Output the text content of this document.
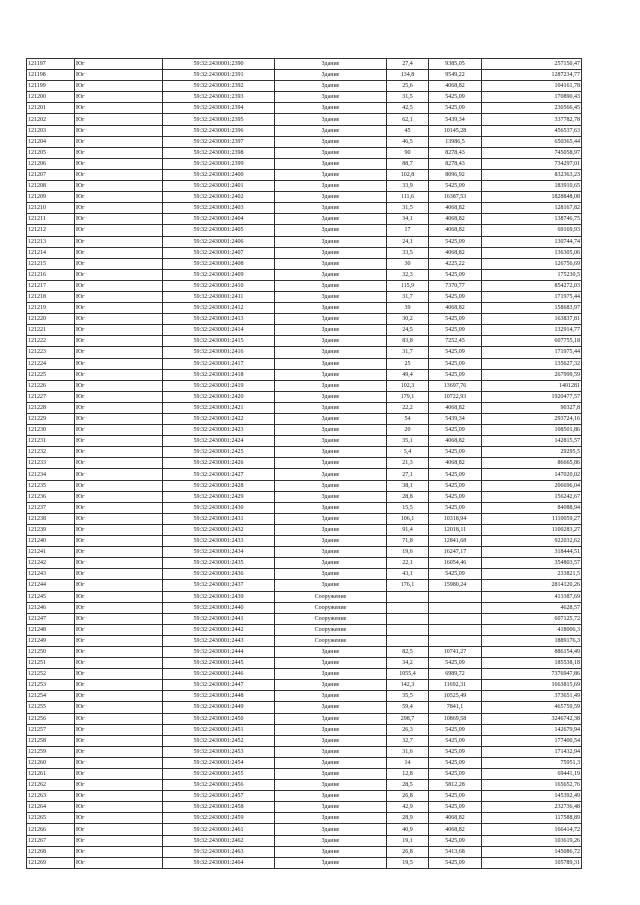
121197	Юг	59:32:2430001:2390	Здание	27,4	9385,05	257150,47
121198	Юг	59:32:2430001:2391	Здание	134,8	9549,22	1287234,77
121199	Юг	59:32:2430001:2392	Здание	25,6	4068,82	104161,78
121200	Юг	59:32:2430001:2393	Здание	31,5	5425,09	170890,43
121201	Юг	59:32:2430001:2394	Здание	42,5	5425,09	230566,45
121202	Юг	59:32:2430001:2395	Здание	62,1	5439,34	337782,78
121203	Юг	59:32:2430001:2396	Здание	45	10145,28	456537,63
121204	Юг	59:32:2430001:2397	Здание	46,5	13986,5	650365,44
121205	Юг	59:32:2430001:2398	Здание	90	8278,43	745058,97
121206	Юг	59:32:2430001:2399	Здание	88,7	8278,43	734297,01
121207	Юг	59:32:2430001:2400	Здание	102,8	8096,92	832363,23
121208	Юг	59:32:2430001:2401	Здание	33,9	5425,09	183910,65
121209	Юг	59:32:2430001:2402	Здание	111,6	16387,53	1828848,08
121210	Юг	59:32:2430001:2403	Здание	31,5	4068,82	128167,82
121211	Юг	59:32:2430001:2404	Здание	34,1	4068,82	138746,75
121212	Юг	59:32:2430001:2405	Здание	17	4068,82	69169,93
121213	Юг	59:32:2430001:2406	Здание	24,1	5425,09	130744,74
121214	Юг	59:32:2430001:2407	Здание	33,5	4068,82	136305,06
121215	Юг	59:32:2430001:2408	Здание	30	4225,22	126756,69
121216	Юг	59:32:2430001:2409	Здание	32,3	5425,09	175230,5
121217	Юг	59:32:2430001:2410	Здание	115,9	7370,77	854272,03
121218	Юг	59:32:2430001:2411	Здание	31,7	5425,09	171975,44
121219	Юг	59:32:2430001:2412	Здание	39	4068,82	158683,97
121220	Юг	59:32:2430001:2413	Здание	30,2	5425,09	163837,81
121221	Юг	59:32:2430001:2414	Здание	24,5	5425,09	132914,77
121222	Юг	59:32:2430001:2415	Здание	83,8	7252,45	607755,18
121223	Юг	59:32:2430001:2416	Здание	31,7	5425,09	171975,44
121224	Юг	59:32:2430001:2417	Здание	25	5425,09	135627,32
121225	Юг	59:32:2430001:2418	Здание	49,4	5425,09	267999,59
121226	Юг	59:32:2430001:2419	Здание	102,3	13697,76	1401281
121227	Юг	59:32:2430001:2420	Здание	179,1	10722,93	1920477,57
121228	Юг	59:32:2430001:2421	Здание	22,2	4068,82	90327,8
121229	Юг	59:32:2430001:2422	Здание	54	5439,34	293724,16
121230	Юг	59:32:2430001:2423	Здание	20	5425,09	108501,86
121231	Юг	59:32:2430001:2424	Здание	35,1	4068,82	142815,57
121232	Юг	59:32:2430001:2425	Здание	5,4	5425,09	29295,5
121233	Юг	59:32:2430001:2426	Здание	21,3	4068,82	86665,86
121234	Юг	59:32:2430001:2427	Здание	27,1	5425,09	147020,02
121235	Юг	59:32:2430001:2428	Здание	38,1	5425,09	206696,04
121236	Юг	59:32:2430001:2429	Здание	28,8	5425,09	156242,67
121237	Юг	59:32:2430001:2430	Здание	15,5	5425,09	84088,94
121238	Юг	59:32:2430001:2431	Здание	106,1	10318,94	1110059,27
121239	Юг	59:32:2430001:2432	Здание	91,4	12018,11	1100283,27
121240	Юг	59:32:2430001:2433	Здание	71,8	12841,68	922032,62
121241	Юг	59:32:2430001:2434	Здание	19,6	16247,17	318444,51
121242	Юг	59:32:2430001:2435	Здание	22,1	16054,46	354803,57
121243	Юг	59:32:2430001:2436	Здание	43,1	5425,09	233821,5
121244	Юг	59:32:2430001:2437	Здание	176,1	15980,24	2814120,26
121245	Юг	59:32:2430001:2439	Сооружение			413387,69
121246	Юг	59:32:2430001:2440	Сооружение			4628,57
121247	Юг	59:32:2430001:2441	Сооружение			607125,72
121248	Юг	59:32:2430001:2442	Сооружение			418006,3
121249	Юг	59:32:2430001:2443	Сооружение			1889176,3
121250	Юг	59:32:2430001:2444	Здание	82,5	10741,27	886154,49
121251	Юг	59:32:2430001:2445	Здание	34,2	5425,09	185538,18
121252	Юг	59:32:2430001:2446	Здание	1055,4	6989,72	7376947,86
121253	Юг	59:32:2430001:2447	Здание	142,3	11692,31	1663815,69
121254	Юг	59:32:2430001:2448	Здание	35,5	10525,49	373651,49
121255	Юг	59:32:2430001:2449	Здание	59,4	7841,1	465759,59
121256	Юг	59:32:2430001:2450	Здание	298,7	10869,58	3246742,38
121257	Юг	59:32:2430001:2451	Здание	26,3	5425,09	142679,94
121258	Юг	59:32:2430001:2452	Здание	32,7	5425,09	177400,54
121259	Юг	59:32:2430001:2453	Здание	31,6	5425,09	171432,94
121260	Юг	59:32:2430001:2454	Здание	14	5425,09	75951,3
121261	Юг	59:32:2430001:2455	Здание	12,8	5425,09	69441,19
121262	Юг	59:32:2430001:2456	Здание	28,5	5812,28	165652,76
121263	Юг	59:32:2430001:2457	Здание	26,8	5425,09	145392,49
121264	Юг	59:32:2430001:2458	Здание	42,9	5425,09	232736,48
121265	Юг	59:32:2430001:2459	Здание	28,9	4068,82	117588,89
121266	Юг	59:32:2430001:2461	Здание	40,9	4068,82	166414,72
121267	Юг	59:32:2430001:2462	Здание	19,1	5425,09	103619,26
121268	Юг	59:32:2430001:2463	Здание	26,8	5413,68	145086,72
121269	Юг	59:32:2430001:2464	Здание	19,5	5425,09	105789,31
